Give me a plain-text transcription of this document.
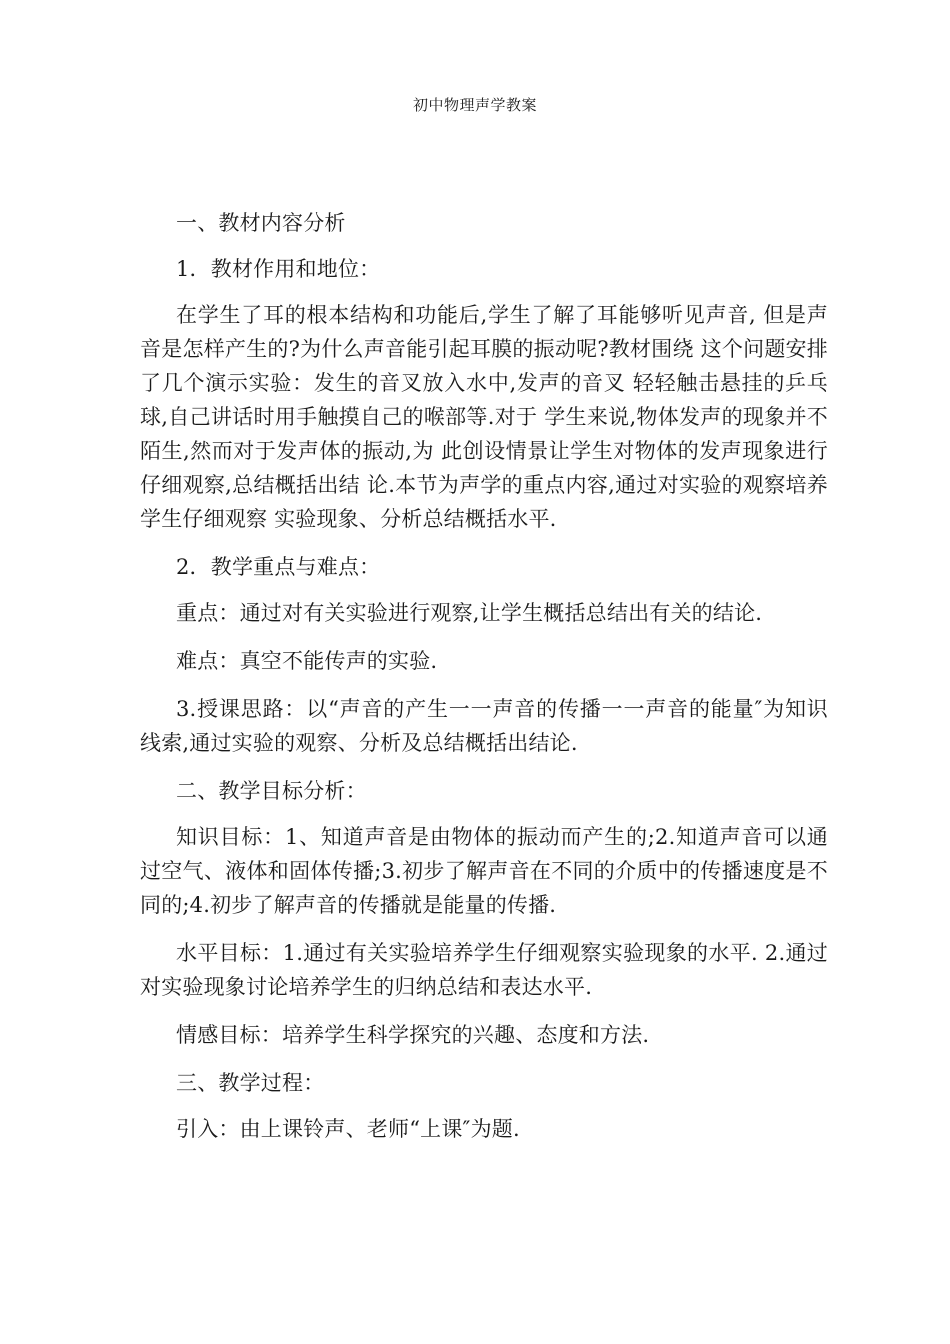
初中物理声学教案

一、教材内容分析

1．教材作用和地位：

在学生了耳的根本结构和功能后,学生了解了耳能够听见声音, 但是声音是怎样产生的?为什么声音能引起耳膜的振动呢?教材围绕 这个问题安排了几个演示实验：发生的音叉放入水中,发声的音叉 轻轻触击悬挂的乒乓球,自己讲话时用手触摸自己的喉部等.对于 学生来说,物体发声的现象并不陌生,然而对于发声体的振动,为 此创设情景让学生对物体的发声现象进行仔细观察,总结概括出结 论.本节为声学的重点内容,通过对实验的观察培养学生仔细观察 实验现象、分析总结概括水平.

2．教学重点与难点：

重点：通过对有关实验进行观察,让学生概括总结出有关的结论.

难点：真空不能传声的实验.

3.授课思路：以“声音的产生一一声音的传播一一声音的能量″为知识线索,通过实验的观察、分析及总结概括出结论.

二、教学目标分析：

知识目标：1、知道声音是由物体的振动而产生的;2.知道声音可以通过空气、液体和固体传播;3.初步了解声音在不同的介质中的传播速度是不同的;4.初步了解声音的传播就是能量的传播.

水平目标：1.通过有关实验培养学生仔细观察实验现象的水平. 2.通过对实验现象讨论培养学生的归纳总结和表达水平.

情感目标：培养学生科学探究的兴趣、态度和方法.

三、教学过程：

引入：由上课铃声、老师“上课″为题.
